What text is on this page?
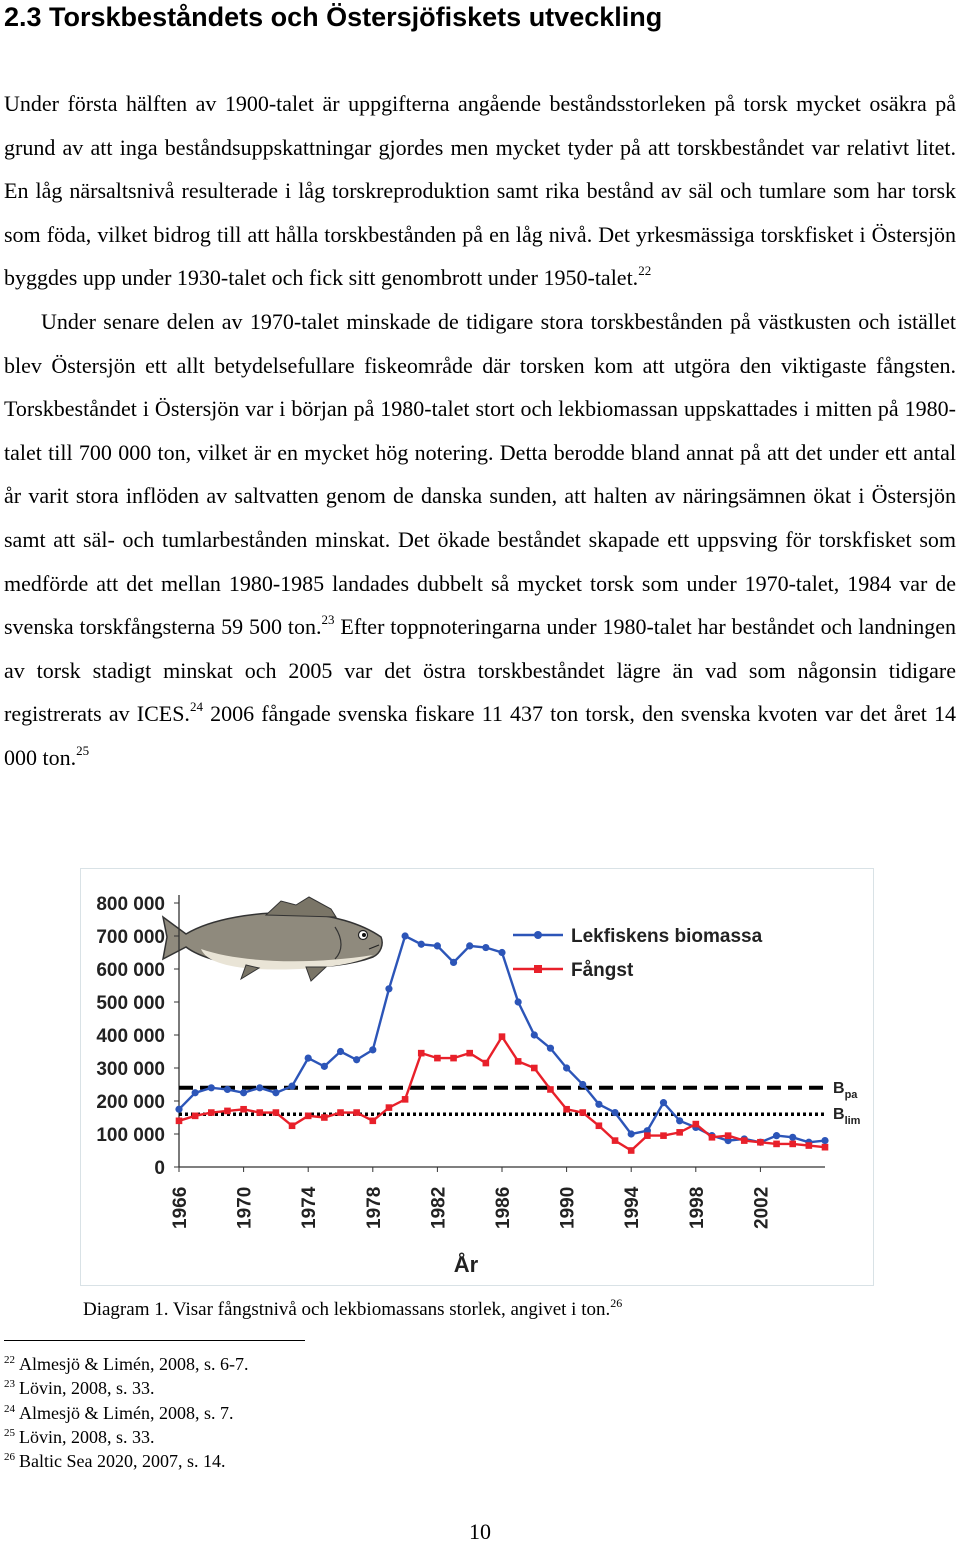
2.3 Torskbeståndets och Östersjöfiskets utveckling

Under första hälften av 1900-talet är uppgifterna angående beståndsstorleken på torsk mycket osäkra på grund av att inga beståndsuppskattningar gjordes men mycket tyder på att torskbeståndet var relativt litet. En låg närsaltsnivå resulterade i låg torskreproduktion samt rika bestånd av säl och tumlare som har torsk som föda, vilket bidrog till att hålla torskbestånden på en låg nivå. Det yrkesmässiga torskfisket i Östersjön byggdes upp under 1930-talet och fick sitt genombrott under 1950-talet.$^{22}$

Under senare delen av 1970-talet minskade de tidigare stora torskbestånden på västkusten och istället blev Östersjön ett allt betydelsefullare fiskeområde där torsken kom att utgöra den viktigaste fångsten. Torskbeståndet i Östersjön var i början på 1980-talet stort och lekbiomassan uppskattades i mitten på 1980-talet till 700 000 ton, vilket är en mycket hög notering. Detta berodde bland annat på att det under ett antal år varit stora inflöden av saltvatten genom de danska sunden, att halten av näringsämnen ökat i Östersjön samt att säl- och tumlarbestånden minskat. Det ökade beståndet skapade ett uppsving för torskfisket som medförde att det mellan 1980-1985 landades dubbelt så mycket torsk som under 1970-talet, 1984 var de svenska torskfångsterna 59 500 ton.$^{23}$ Efter toppnoteringarna under 1980-talet har beståndet och landningen av torsk stadigt minskat och 2005 var det östra torskbeståndet lägre än vad som någonsin tidigare registrerats av ICES.$^{24}$ 2006 fångade svenska fiskare 11 437 ton torsk, den svenska kvoten var det året 14 000 ton.$^{25}$

800 000
700 000
600 000
500 000
400 000
300 000
200 000
100 000
0
1966 1970 1974 1978 1982 1986 1990 1994 1998 2002
$B_{pa}$
$B_{lim}$
Lekfiskens biomassa
Fångst
År

Diagram 1. Visar fångstnivå och lekbiomassans storlek, angivet i ton.$^{26}$

$^{22}$ Almesjö & Limén, 2008, s. 6-7.
$^{23}$ Lövin, 2008, s. 33.
$^{24}$ Almesjö & Limén, 2008, s. 7.
$^{25}$ Lövin, 2008, s. 33.
$^{26}$ Baltic Sea 2020, 2007, s. 14.
10
